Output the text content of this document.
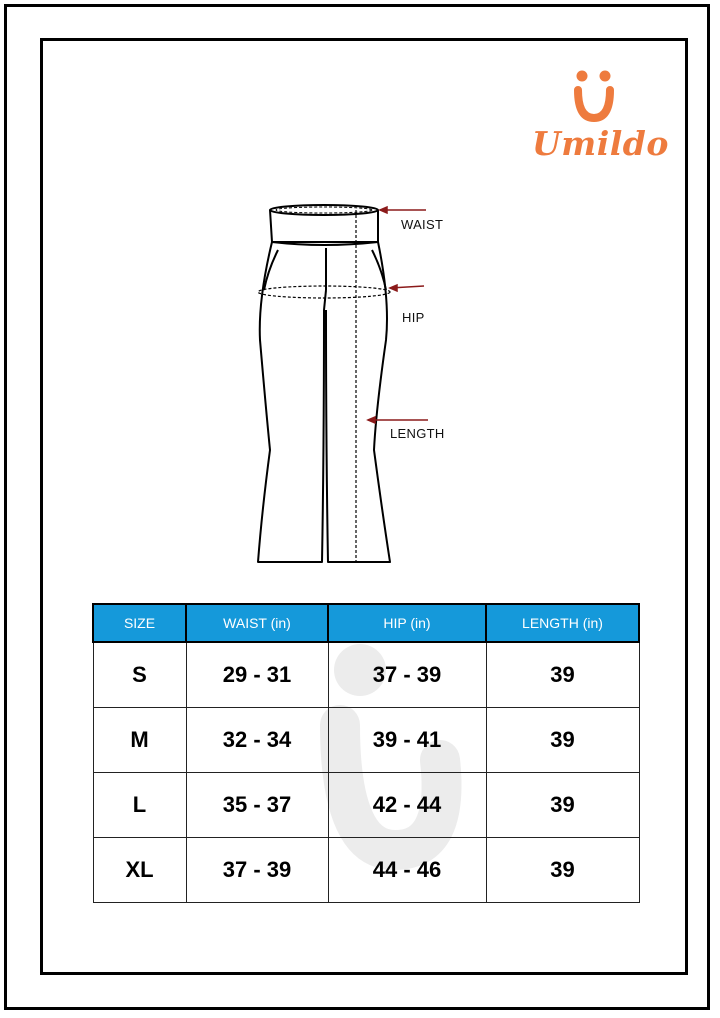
Umildo
WAIST
HIP
LENGTH
SIZE	WAIST (in)	HIP (in)	LENGTH (in)
S	29 - 31	37 - 39	39
M	32 - 34	39 - 41	39
L	35 - 37	42 - 44	39
XL	37 - 39	44 - 46	39
